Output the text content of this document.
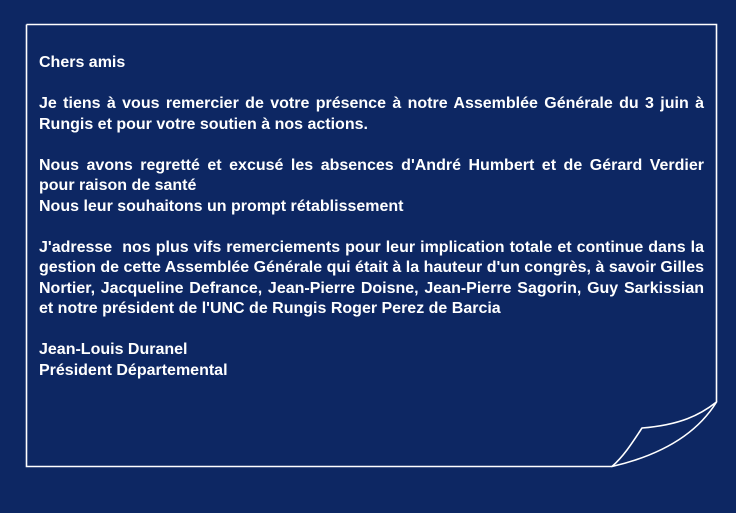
Chers amis

Je tiens à vous remercier de votre présence à notre Assemblée Générale du 3 juin à Rungis et pour votre soutien à nos actions.

Nous avons regretté et excusé les absences d'André Humbert et de Gérard Verdier pour raison de santé
Nous leur souhaitons un prompt rétablissement

J'adresse  nos plus vifs remerciements pour leur implication totale et continue dans la gestion de cette Assemblée Générale qui était à la hauteur d'un congrès, à savoir Gilles Nortier, Jacqueline Defrance, Jean-Pierre Doisne, Jean-Pierre Sagorin, Guy Sarkissian et notre président de l'UNC de Rungis Roger Perez de Barcia

Jean-Louis Duranel
Président Départemental
